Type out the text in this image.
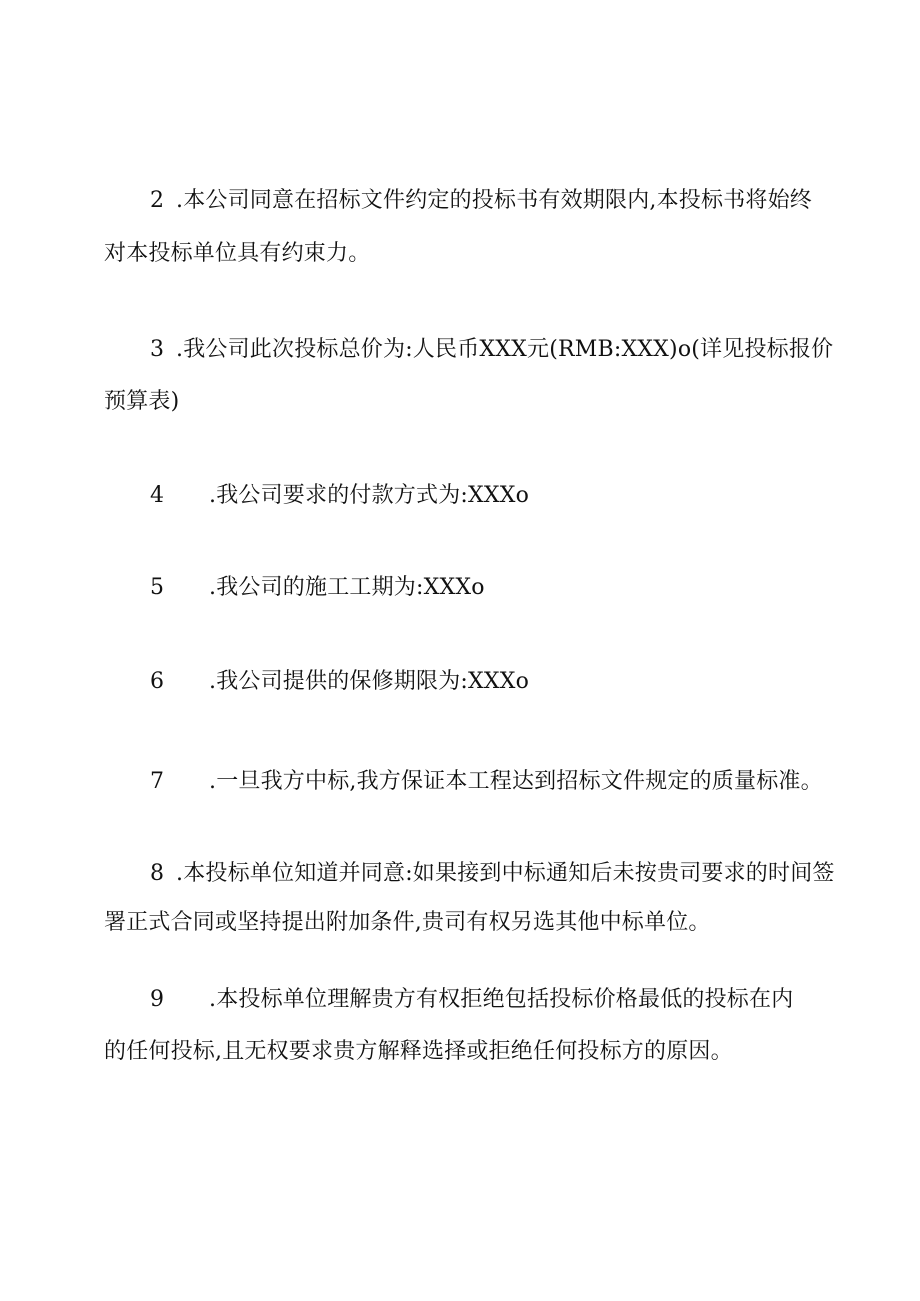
2 .本公司同意在招标文件约定的投标书有效期限内,本投标书将始终
对本投标单位具有约束力。
3 .我公司此次投标总价为:人民币XXX元(RMB:XXX)o(详见投标报价
预算表)
4 .我公司要求的付款方式为:XXXo
5 .我公司的施工工期为:XXXo
6 .我公司提供的保修期限为:XXXo
7 .一旦我方中标,我方保证本工程达到招标文件规定的质量标准。
8 .本投标单位知道并同意:如果接到中标通知后未按贵司要求的时间签
署正式合同或坚持提出附加条件,贵司有权另选其他中标单位。
9 .本投标单位理解贵方有权拒绝包括投标价格最低的投标在内
的任何投标,且无权要求贵方解释选择或拒绝任何投标方的原因。
